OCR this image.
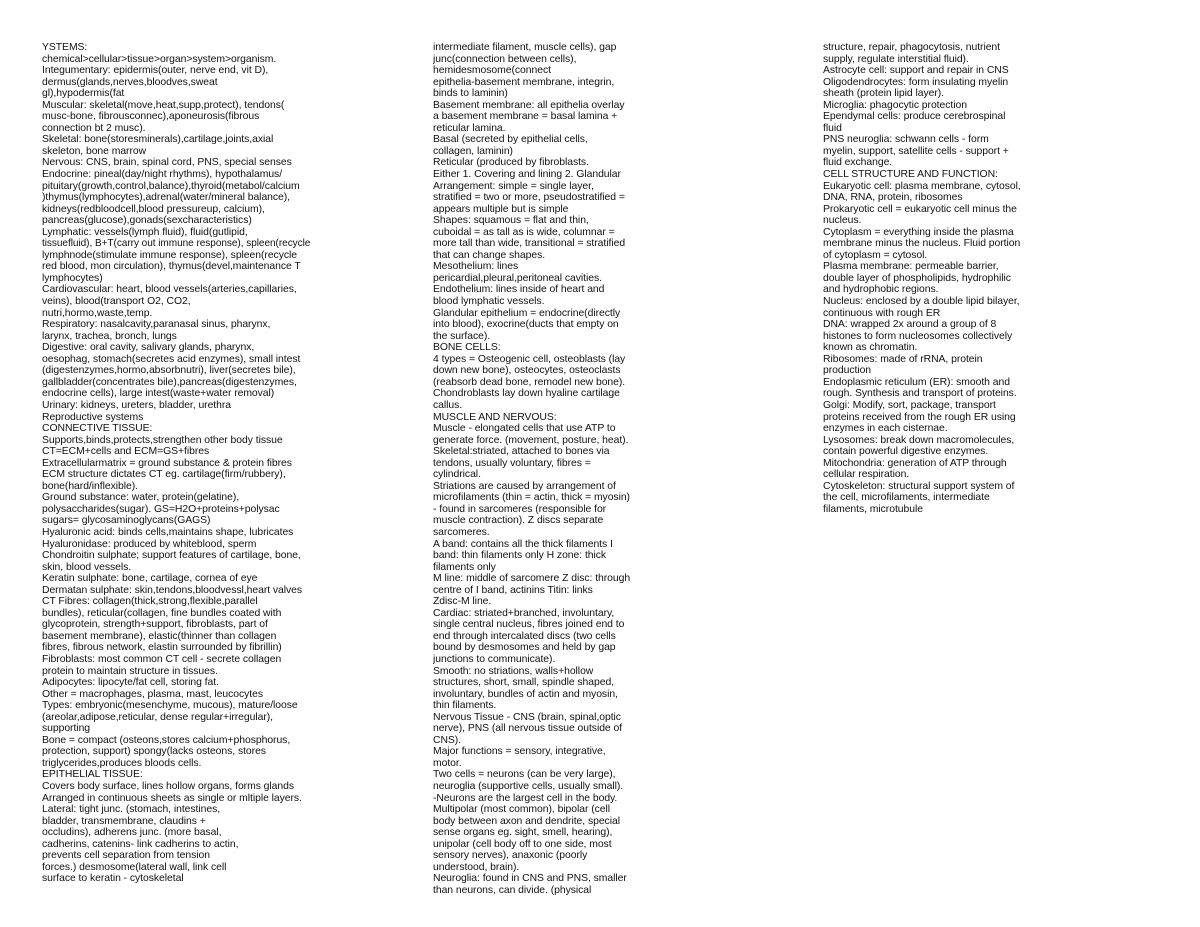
YSTEMS:
chemical>cellular>tissue>organ>system>organism.
Integumentary: epidermis(outer, nerve end, vit D),
dermus(glands,nerves,bloodves,sweat
gl),hypodermis(fat
Muscular: skeletal(move,heat,supp,protect), tendons(
musc-bone, fibrousconnec),aponeurosis(fibrous
connection bt 2 musc).
Skeletal: bone(storesminerals),cartilage,joints,axial
skeleton, bone marrow
Nervous: CNS, brain, spinal cord, PNS, special senses
Endocrine: pineal(day/night rhythms), hypothalamus/
pituitary(growth,control,balance),thyroid(metabol/calcium
)thymus(lymphocytes),adrenal(water/mineral balance),
kidneys(redbloodcell,blood pressureup, calcium),
pancreas(glucose),gonads(sexcharacteristics)
Lymphatic: vessels(lymph fluid), fluid(gutlipid,
tissuefluid), B+T(carry out immune response), spleen(recycle
lymphnode(stimulate immune response), spleen(recycle
red blood, mon circulation), thymus(devel,maintenance T
lymphocytes)
Cardiovascular: heart, blood vessels(arteries,capillaries,
veins), blood(transport O2, CO2,
nutri,hormo,waste,temp.
Respiratory: nasalcavity,paranasal sinus, pharynx,
larynx, trachea, bronch, lungs
Digestive: oral cavity, salivary glands, pharynx,
oesophag, stomach(secretes acid enzymes), small intest
(digestenzymes,hormo,absorbnutri), liver(secretes bile),
gallbladder(concentrates bile),pancreas(digestenzymes,
endocrine cells), large intest(waste+water removal)
Urinary: kidneys, ureters, bladder, urethra
Reproductive systems
CONNECTIVE TISSUE:
Supports,binds,protects,strengthen other body tissue
CT=ECM+cells and ECM=GS+fibres
Extracellularmatrix = ground substance & protein fibres
ECM structure dictates CT eg. cartilage(firm/rubbery),
bone(hard/inflexible).
Ground substance: water, protein(gelatine),
polysaccharides(sugar). GS=H2O+proteins+polysac
sugars= glycosaminoglycans(GAGS)
Hyaluronic acid: binds cells,maintains shape, lubricates
Hyaluronidase: produced by whiteblood, sperm
Chondroitin sulphate; support features of cartilage, bone,
skin, blood vessels.
Keratin sulphate: bone, cartilage, cornea of eye
Dermatan sulphate: skin,tendons,bloodvessl,heart valves
CT Fibres: collagen(thick,strong,flexible,parallel
bundles), reticular(collagen, fine bundles coated with
glycoprotein, strength+support, fibroblasts, part of
basement membrane), elastic(thinner than collagen
fibres, fibrous network, elastin surrounded by fibrillin)
Fibroblasts: most common CT cell - secrete collagen
protein to maintain structure in tissues.
Adipocytes: lipocyte/fat cell, storing fat.
Other = macrophages, plasma, mast, leucocytes
Types: embryonic(mesenchyme, mucous), mature/loose
(areolar,adipose,reticular, dense regular+irregular),
supporting
Bone = compact (osteons,stores calcium+phosphorus,
protection, support) spongy(lacks osteons, stores
triglycerides,produces bloods cells.
EPITHELIAL TISSUE:
Covers body surface, lines hollow organs, forms glands
Arranged in continuous sheets as single or mltiple layers.
Lateral: tight junc. (stomach, intestines,
bladder, transmembrane, claudins +
occludins), adherens junc. (more basal,
cadherins, catenins- link cadherins to actin,
prevents cell separation from tension
forces.) desmosome(lateral wall, link cell
surface to keratin - cytoskeletal
intermediate filament, muscle cells), gap
junc(connection between cells),
hemidesmosome(connect
epithelia-basement membrane, integrin,
binds to laminin)
Basement membrane: all epithelia overlay
a basement membrane = basal lamina +
reticular lamina.
Basal (secreted by epithelial cells,
collagen, laminin)
Reticular (produced by fibroblasts.
Either 1. Covering and lining 2. Glandular
Arrangement: simple = single layer,
stratified = two or more, pseudostratified =
appears multiple but is simple
Shapes: squamous = flat and thin,
cuboidal = as tall as is wide, columnar =
more tall than wide, transitional = stratified
that can change shapes.
Mesothelium: lines
pericardial,pleural,peritoneal cavities.
Endothelium: lines inside of heart and
blood lymphatic vessels.
Glandular epithelium = endocrine(directly
into blood), exocrine(ducts that empty on
the surface).
BONE CELLS:
4 types = Osteogenic cell, osteoblasts (lay
down new bone), osteocytes, osteoclasts
(reabsorb dead bone, remodel new bone).
Chondroblasts lay down hyaline cartilage
callus.
MUSCLE AND NERVOUS:
Muscle - elongated cells that use ATP to
generate force. (movement, posture, heat).
Skeletal:striated, attached to bones via
tendons, usually voluntary, fibres =
cylindrical.
Striations are caused by arrangement of
microfilaments (thin = actin, thick = myosin)
- found in sarcomeres (responsible for
muscle contraction). Z discs separate
sarcomeres.
A band: contains all the thick filaments I
band: thin filaments only H zone: thick
filaments only
M line: middle of sarcomere Z disc: through
centre of I band, actinins Titin: links
Zdisc-M line.
Cardiac: striated+branched, involuntary,
single central nucleus, fibres joined end to
end through intercalated discs (two cells
bound by desmosomes and held by gap
junctions to communicate).
Smooth: no striations, walls+hollow
structures, short, small, spindle shaped,
involuntary, bundles of actin and myosin,
thin filaments.
Nervous Tissue - CNS (brain, spinal,optic
nerve), PNS (all nervous tissue outside of
CNS).
Major functions = sensory, integrative,
motor.
Two cells = neurons (can be very large),
neuroglia (supportive cells, usually small).
-Neurons are the largest cell in the body.
Multipolar (most common), bipolar (cell
body between axon and dendrite, special
sense organs eg. sight, smell, hearing),
unipolar (cell body off to one side, most
sensory nerves), anaxonic (poorly
understood, brain).
Neuroglia: found in CNS and PNS, smaller
than neurons, can divide. (physical
structure, repair, phagocytosis, nutrient
supply, regulate interstitial fluid).
Astrocyte cell: support and repair in CNS
Oligodendrocytes: form insulating myelin
sheath (protein lipid layer).
Microglia: phagocytic protection
Ependymal cells: produce cerebrospinal
fluid
PNS neuroglia: schwann cells - form
myelin, support, satellite cells - support +
fluid exchange.
CELL STRUCTURE AND FUNCTION:
Eukaryotic cell: plasma membrane, cytosol,
DNA, RNA, protein, ribosomes
Prokaryotic cell = eukaryotic cell minus the
nucleus.
Cytoplasm = everything inside the plasma
membrane minus the nucleus. Fluid portion
of cytoplasm = cytosol.
Plasma membrane: permeable barrier,
double layer of phospholipids, hydrophilic
and hydrophobic regions.
Nucleus: enclosed by a double lipid bilayer,
continuous with rough ER
DNA: wrapped 2x around a group of 8
histones to form nucleosomes collectively
known as chromatin.
Ribosomes: made of rRNA, protein
production
Endoplasmic reticulum (ER): smooth and
rough. Synthesis and transport of proteins.
Golgi: Modify, sort, package, transport
proteins received from the rough ER using
enzymes in each cisternae.
Lysosomes: break down macromolecules,
contain powerful digestive enzymes.
Mitochondria: generation of ATP through
cellular respiration.
Cytoskeleton: structural support system of
the cell, microfilaments, intermediate
filaments, microtubule
